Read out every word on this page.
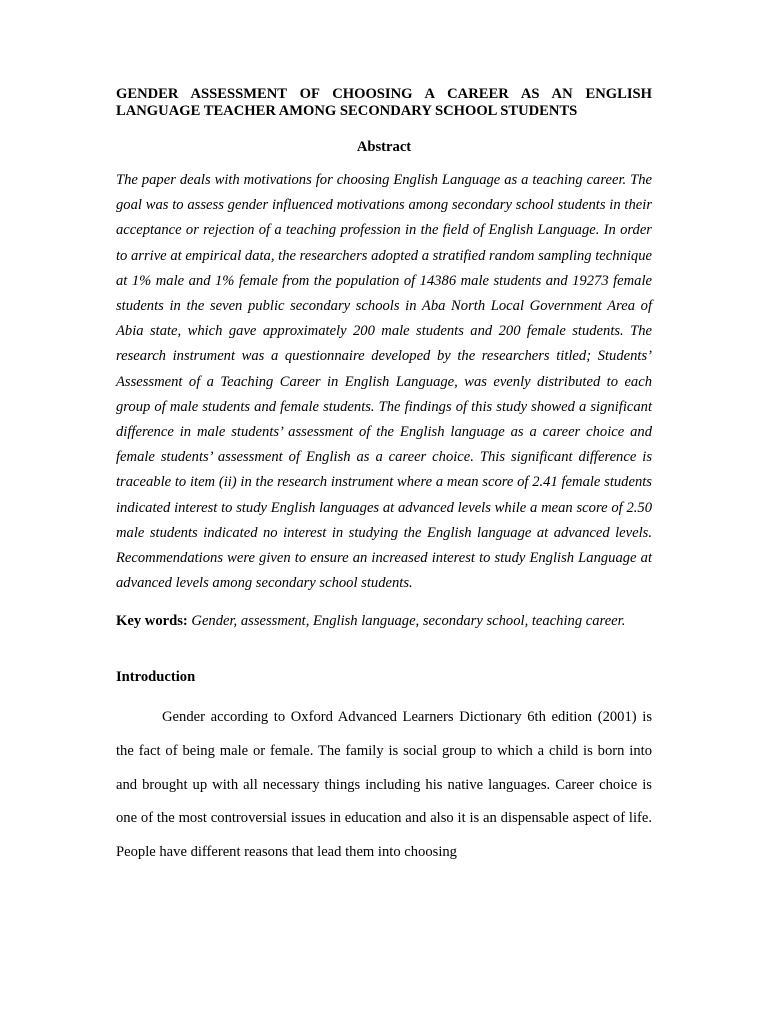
GENDER ASSESSMENT OF CHOOSING A CAREER AS AN ENGLISH LANGUAGE TEACHER AMONG SECONDARY SCHOOL STUDENTS

Abstract

The paper deals with motivations for choosing English Language as a teaching career. The goal was to assess gender influenced motivations among secondary school students in their acceptance or rejection of a teaching profession in the field of English Language. In order to arrive at empirical data, the researchers adopted a stratified random sampling technique at 1% male and 1% female from the population of 14386 male students and 19273 female students in the seven public secondary schools in Aba North Local Government Area of Abia state, which gave approximately 200 male students and 200 female students. The research instrument was a questionnaire developed by the researchers titled; Students’ Assessment of a Teaching Career in English Language, was evenly distributed to each group of male students and female students. The findings of this study showed a significant difference in male students’ assessment of the English language as a career choice and female students’ assessment of English as a career choice. This significant difference is traceable to item (ii) in the research instrument where a mean score of 2.41 female students indicated interest to study English languages at advanced levels while a mean score of 2.50 male students indicated no interest in studying the English language at advanced levels. Recommendations were given to ensure an increased interest to study English Language at advanced levels among secondary school students.

Key words: Gender, assessment, English language, secondary school, teaching career.

Introduction

Gender according to Oxford Advanced Learners Dictionary 6th edition (2001) is the fact of being male or female. The family is social group to which a child is born into and brought up with all necessary things including his native languages. Career choice is one of the most controversial issues in education and also it is an dispensable aspect of life. People have different reasons that lead them into choosing
